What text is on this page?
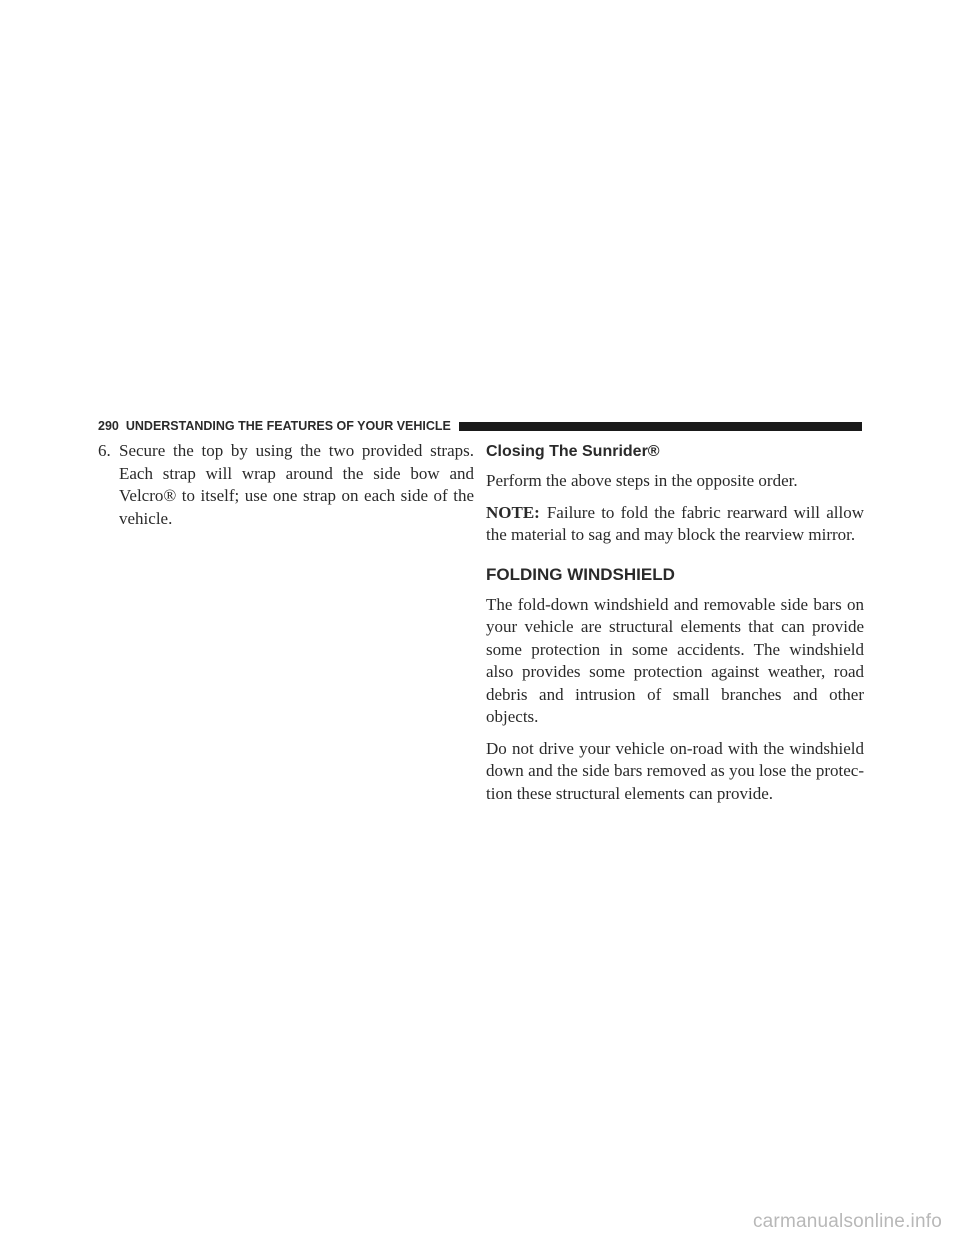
290 UNDERSTANDING THE FEATURES OF YOUR VEHICLE
6. Secure the top by using the two provided straps. Each strap will wrap around the side bow and Velcro® to itself; use one strap on each side of the vehicle.
Closing The Sunrider®

Perform the above steps in the opposite order.

NOTE: Failure to fold the fabric rearward will allow the material to sag and may block the rearview mirror.

FOLDING WINDSHIELD

The fold-down windshield and removable side bars on your vehicle are structural elements that can provide some protection in some accidents. The windshield also provides some protection against weather, road debris and intrusion of small branches and other objects.

Do not drive your vehicle on-road with the windshield down and the side bars removed as you lose the protec-tion these structural elements can provide.

carmanualsonline.info
